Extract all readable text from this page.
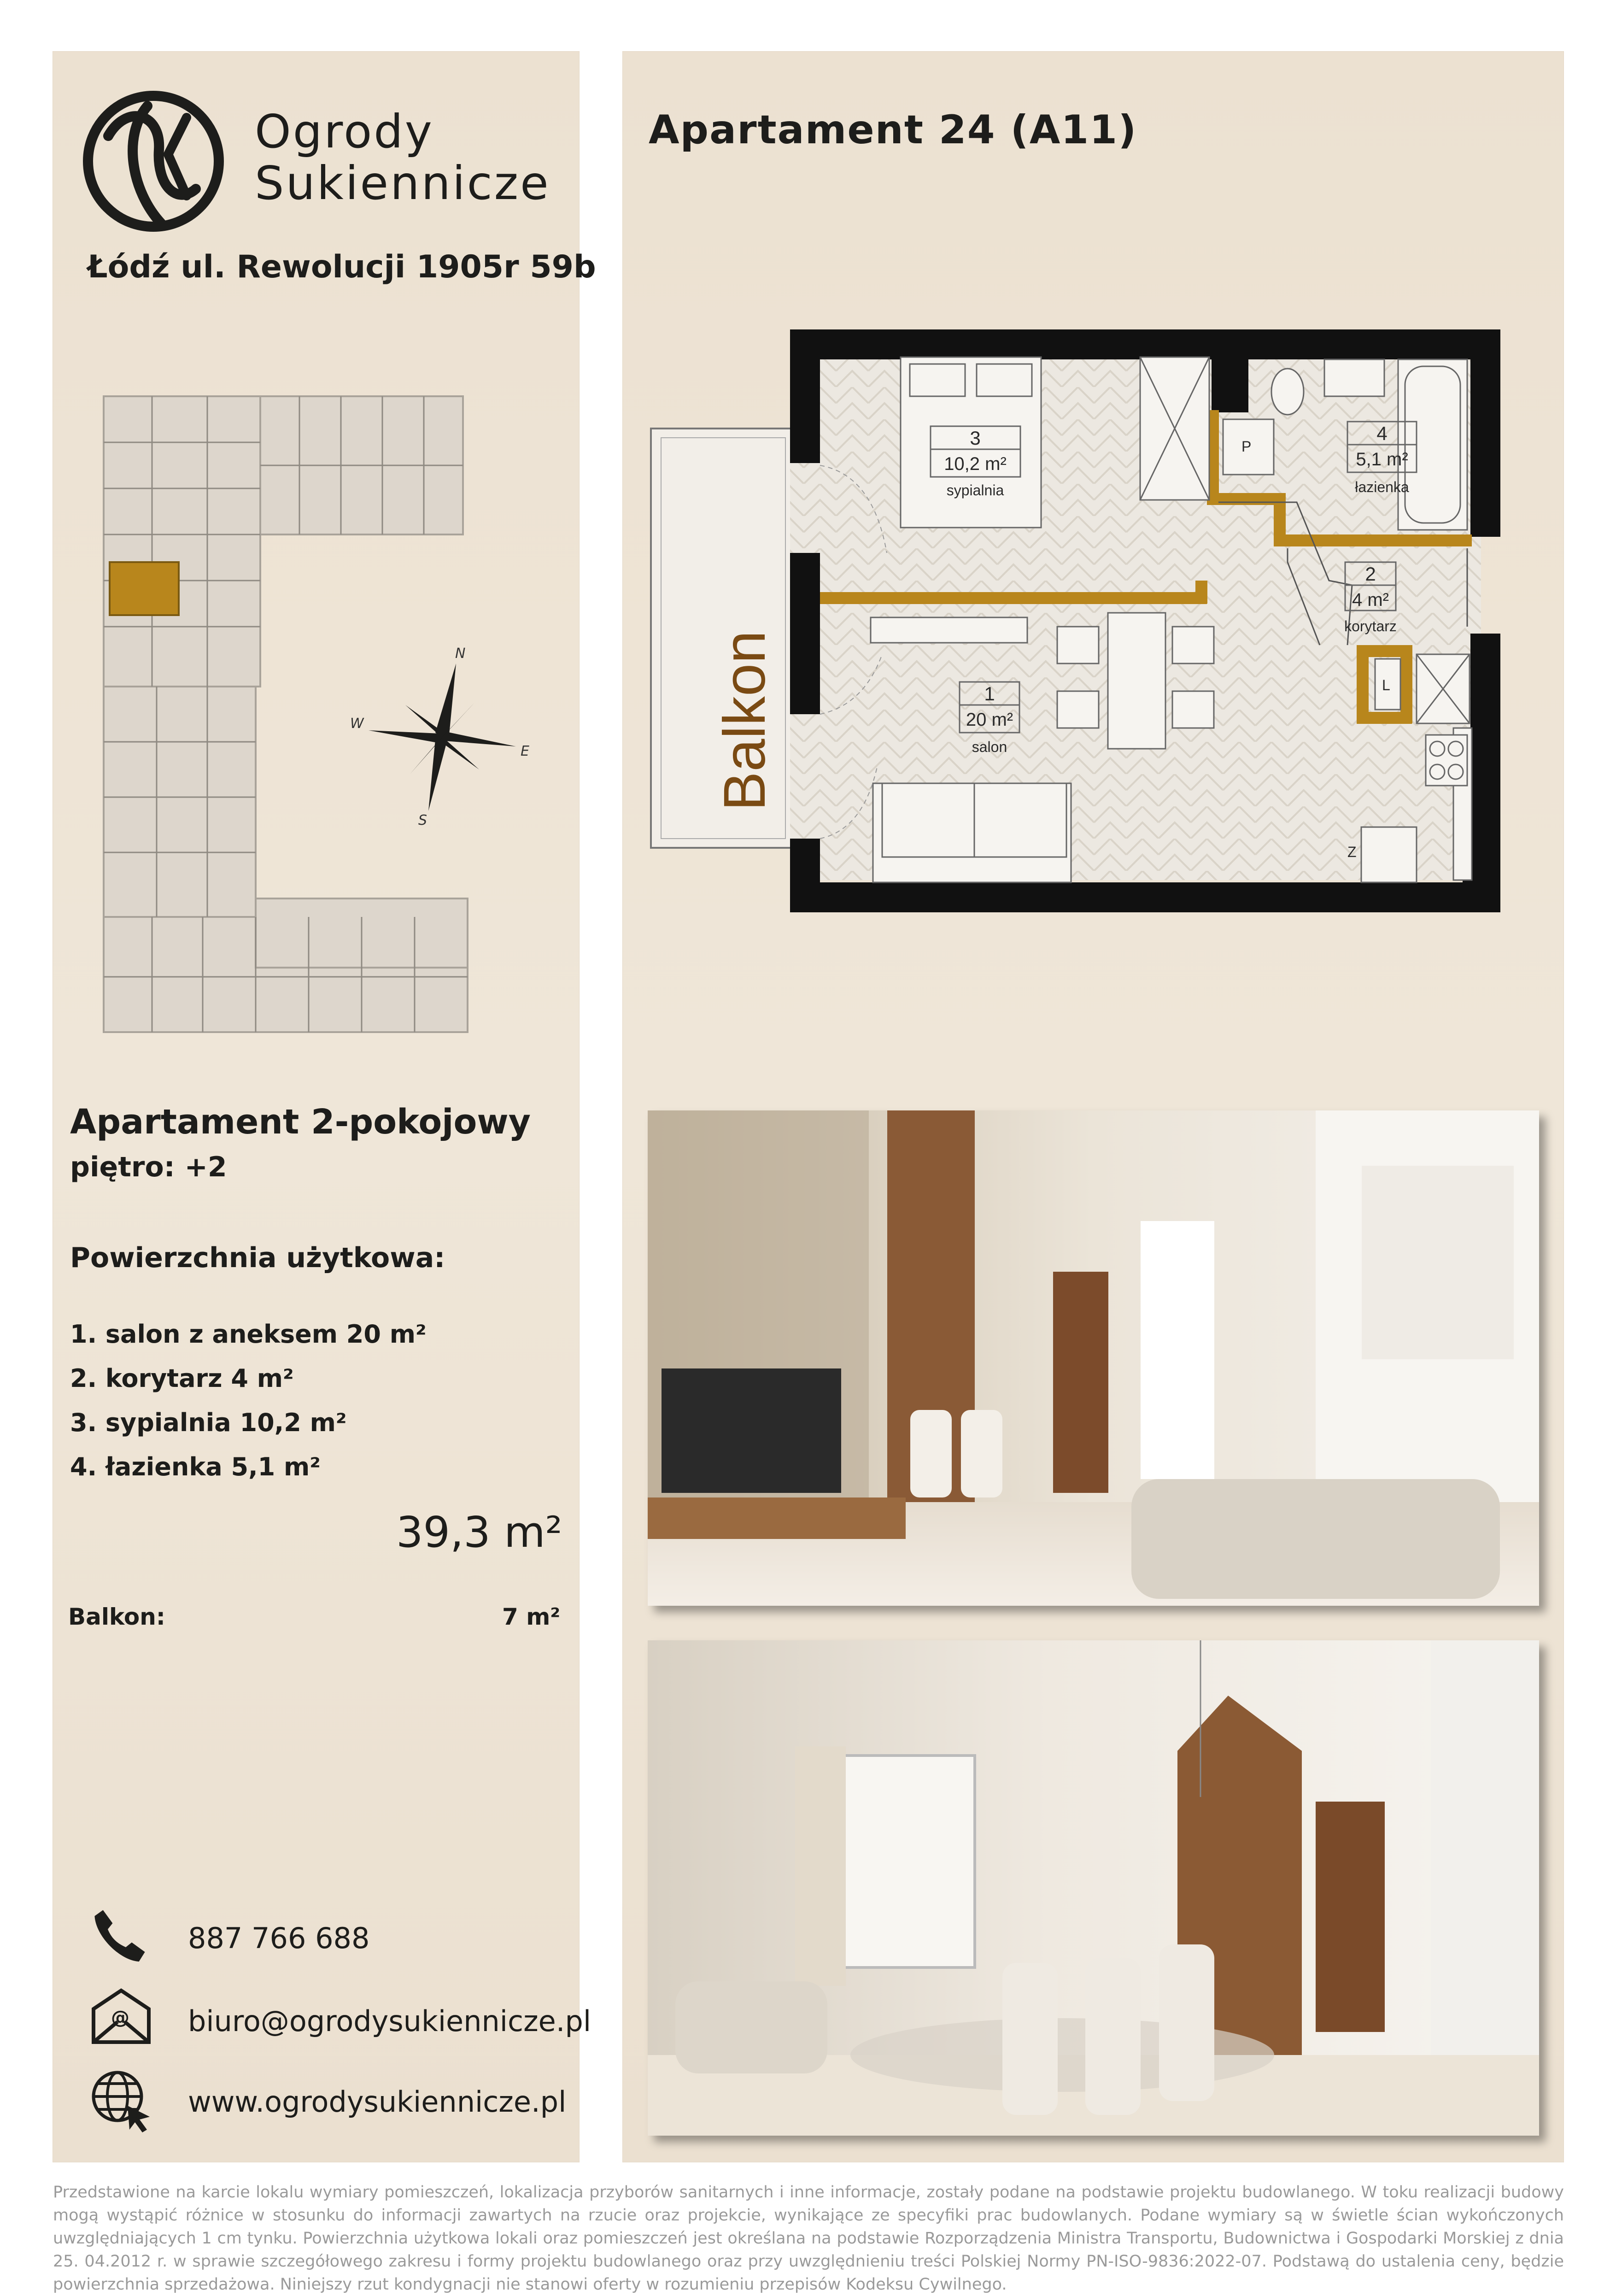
Ogrody
Sukiennicze
Łódź ul. Rewolucji 1905r 59b
N
E
S
W
Apartament 2-pokojowy
piętro: +2
Powierzchnia użytkowa:
1. salon z aneksem 20 m²
2. korytarz 4 m²
3. sypialnia 10,2 m²
4. łazienka 5,1 m²
39,3 m²
Balkon:	7 m²
887 766 688
@ biuro@ogrodysukiennicze.pl
www.ogrodysukiennicze.pl
Apartament 24 (A11)
3
10,2 m²
sypialnia
4
5,1 m²
łazienka
2
4 m²
korytarz
1
20 m²
salon
P
L
Z
Balkon
Przedstawione na karcie lokalu wymiary pomieszczeń, lokalizacja przyborów sanitarnych i inne informacje, zostały podane na podstawie projektu budowlanego. W toku realizacji budowy mogą wystąpić różnice w stosunku do informacji zawartych na rzucie oraz projekcie, wynikające ze specyfiki prac budowlanych. Podane wymiary są w świetle ścian wykończonych uwzględniających 1 cm tynku. Powierzchnia użytkowa lokali oraz pomieszczeń jest określana na podstawie Rozporządzenia Ministra Transportu, Budownictwa i Gospodarki Morskiej z dnia 25. 04.2012 r. w sprawie szczegółowego zakresu i formy projektu budowlanego oraz przy uwzględnieniu treści Polskiej Normy PN-ISO-9836:2022-07. Podstawą do ustalenia ceny, będzie powierzchnia sprzedażowa. Niniejszy rzut kondygnacji nie stanowi oferty w rozumieniu przepisów Kodeksu Cywilnego.
